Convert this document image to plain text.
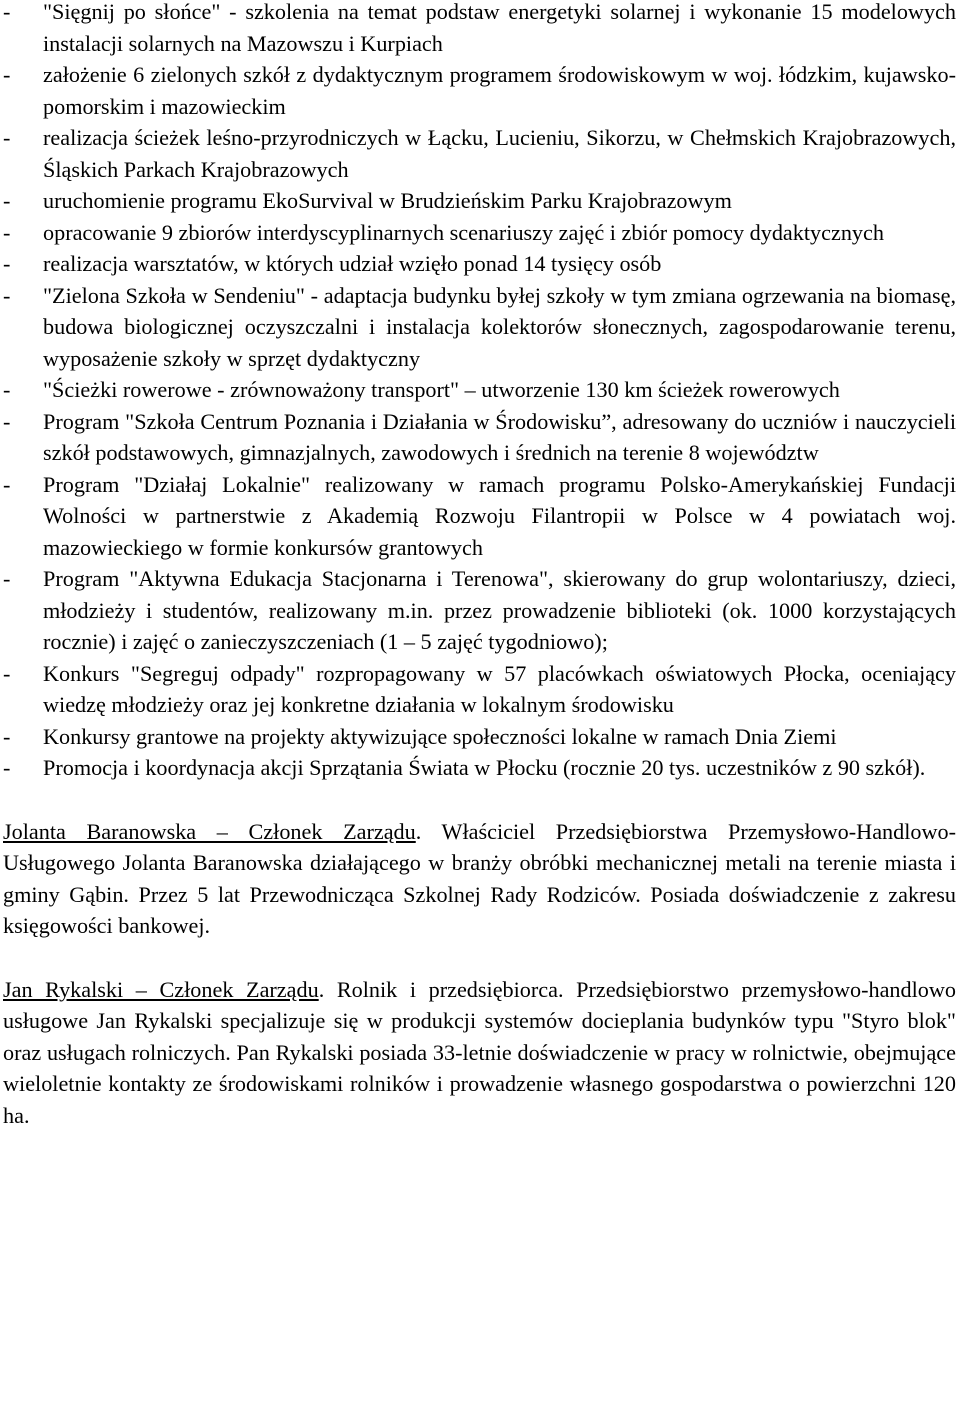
- "Sięgnij po słońce" - szkolenia na temat podstaw energetyki solarnej i wykonanie 15 modelowych instalacji solarnych na Mazowszu i Kurpiach
- założenie 6 zielonych szkół z dydaktycznym programem środowiskowym w woj. łódzkim, kujawsko-pomorskim i mazowieckim
- realizacja ścieżek leśno-przyrodniczych w Łącku, Lucieniu, Sikorzu, w Chełmskich Krajobrazowych, Śląskich Parkach Krajobrazowych
- uruchomienie programu EkoSurvival w Brudzieńskim Parku Krajobrazowym
- opracowanie 9 zbiorów interdyscyplinarnych scenariuszy zajęć i zbiór pomocy dydaktycznych
- realizacja warsztatów, w których udział wzięło ponad 14 tysięcy osób
- "Zielona Szkoła w Sendeniu" - adaptacja budynku byłej szkoły w tym zmiana ogrzewania na biomasę, budowa biologicznej oczyszczalni i instalacja kolektorów słonecznych, zagospodarowanie terenu, wyposażenie szkoły w sprzęt dydaktyczny
- "Ścieżki rowerowe - zrównoważony transport" – utworzenie 130 km ścieżek rowerowych
- Program "Szkoła Centrum Poznania i Działania w Środowisku”, adresowany do uczniów i nauczycieli szkół podstawowych, gimnazjalnych, zawodowych i średnich na terenie 8 województw
- Program "Działaj Lokalnie" realizowany w ramach programu Polsko-Amerykańskiej Fundacji Wolności w partnerstwie z Akademią Rozwoju Filantropii w Polsce w 4 powiatach woj. mazowieckiego w formie konkursów grantowych
- Program "Aktywna Edukacja Stacjonarna i Terenowa", skierowany do grup wolontariuszy, dzieci, młodzieży i studentów, realizowany m.in. przez prowadzenie biblioteki (ok. 1000 korzystających rocznie) i zajęć o zanieczyszczeniach (1 – 5 zajęć tygodniowo);
- Konkurs "Segreguj odpady" rozpropagowany w 57 placówkach oświatowych Płocka, oceniający wiedzę młodzieży oraz jej konkretne działania w lokalnym środowisku
- Konkursy grantowe na projekty aktywizujące społeczności lokalne w ramach Dnia Ziemi
- Promocja i koordynacja akcji Sprzątania Świata w Płocku (rocznie 20 tys. uczestników z 90 szkół).

Jolanta Baranowska – Członek Zarządu. Właściciel Przedsiębiorstwa Przemysłowo-Handlowo-Usługowego Jolanta Baranowska działającego w branży obróbki mechanicznej metali na terenie miasta i gminy Gąbin. Przez 5 lat Przewodnicząca Szkolnej Rady Rodziców. Posiada doświadczenie z zakresu księgowości bankowej.

Jan Rykalski – Członek Zarządu. Rolnik i przedsiębiorca. Przedsiębiorstwo przemysłowo-handlowo usługowe Jan Rykalski specjalizuje się w produkcji systemów docieplania budynków typu "Styro blok" oraz usługach rolniczych. Pan Rykalski posiada 33-letnie doświadczenie w pracy w rolnictwie, obejmujące wieloletnie kontakty ze środowiskami rolników i prowadzenie własnego gospodarstwa o powierzchni 120 ha.
